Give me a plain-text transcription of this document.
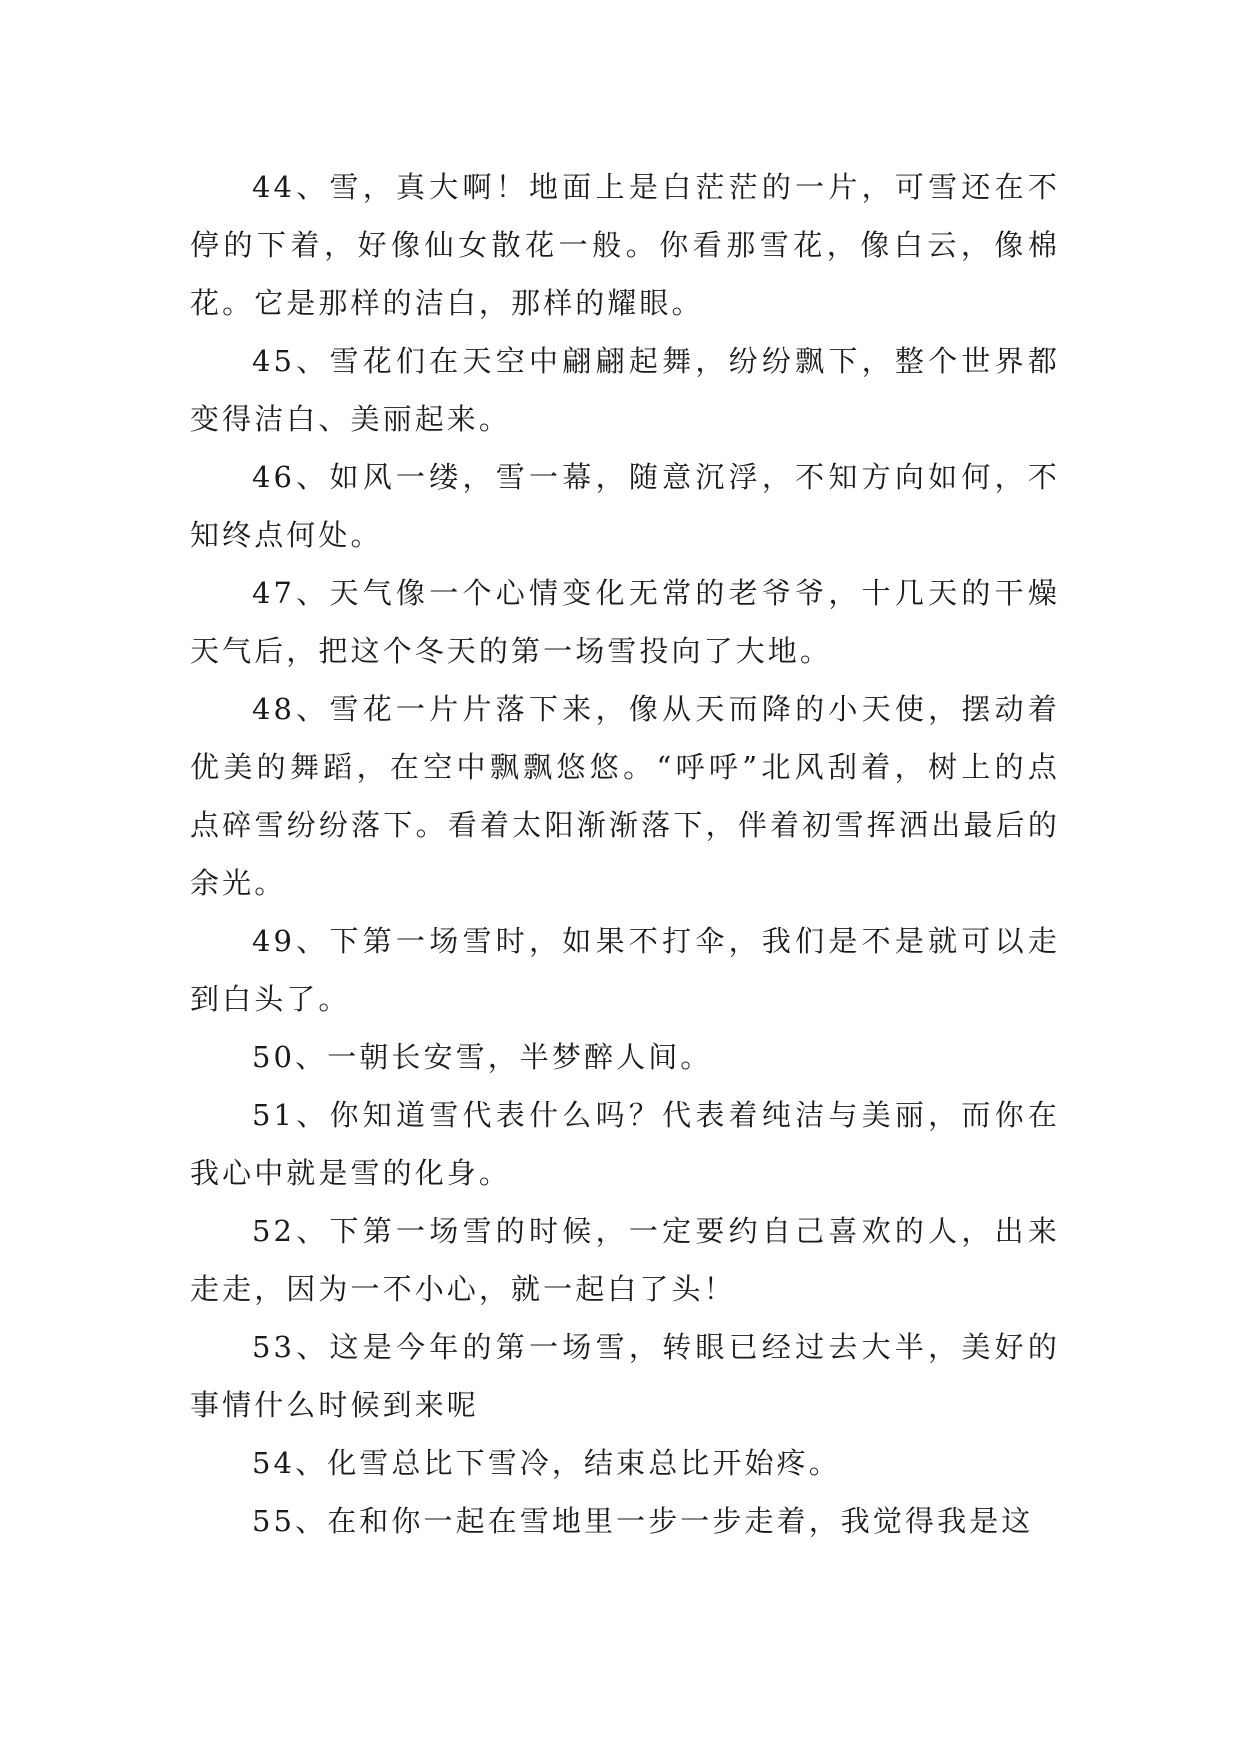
44、雪，真大啊！地面上是白茫茫的一片，可雪还在不停的下着，好像仙女散花一般。你看那雪花，像白云，像棉花。它是那样的洁白，那样的耀眼。

45、雪花们在天空中翩翩起舞，纷纷飘下，整个世界都变得洁白、美丽起来。

46、如风一缕，雪一幕，随意沉浮，不知方向如何，不知终点何处。

47、天气像一个心情变化无常的老爷爷，十几天的干燥天气后，把这个冬天的第一场雪投向了大地。

48、雪花一片片落下来，像从天而降的小天使，摆动着优美的舞蹈，在空中飘飘悠悠。“呼呼”北风刮着，树上的点点碎雪纷纷落下。看着太阳渐渐落下，伴着初雪挥洒出最后的余光。

49、下第一场雪时，如果不打伞，我们是不是就可以走到白头了。

50、一朝长安雪，半梦醉人间。

51、你知道雪代表什么吗？代表着纯洁与美丽，而你在我心中就是雪的化身。

52、下第一场雪的时候，一定要约自己喜欢的人，出来走走，因为一不小心，就一起白了头！

53、这是今年的第一场雪，转眼已经过去大半，美好的事情什么时候到来呢

54、化雪总比下雪冷，结束总比开始疼。

55、在和你一起在雪地里一步一步走着，我觉得我是这
